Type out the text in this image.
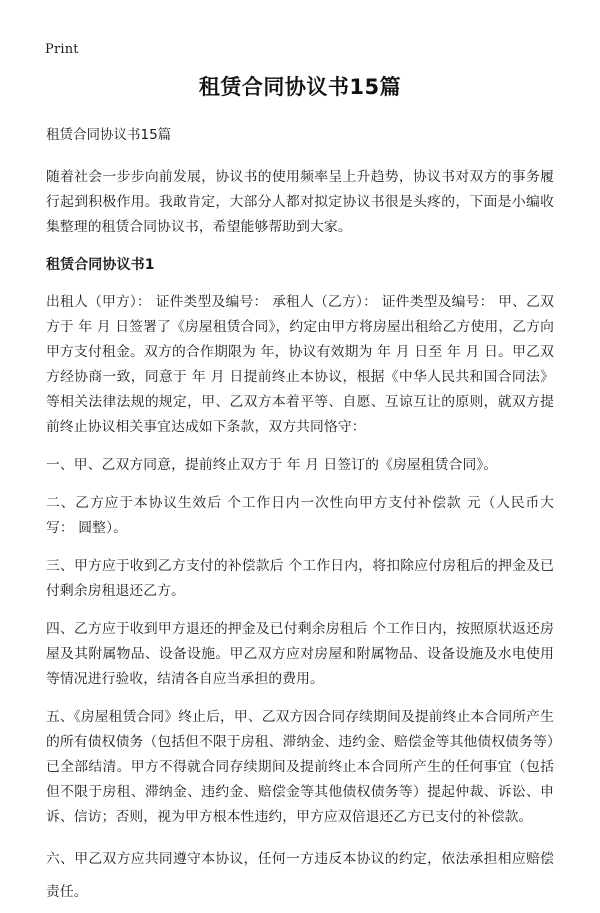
Print
租赁合同协议书15篇

租赁合同协议书15篇

随着社会一步步向前发展，协议书的使用频率呈上升趋势，协议书对双方的事务履行起到积极作用。我敢肯定，大部分人都对拟定协议书很是头疼的，下面是小编收集整理的租赁合同协议书，希望能够帮助到大家。

租赁合同协议书1

出租人（甲方）： 证件类型及编号： 承租人（乙方）： 证件类型及编号： 甲、乙双方于 年 月 日签署了《房屋租赁合同》，约定由甲方将房屋出租给乙方使用，乙方向甲方支付租金。双方的合作期限为 年，协议有效期为 年 月 日至 年 月 日。甲乙双方经协商一致，同意于 年 月 日提前终止本协议，根据《中华人民共和国合同法》等相关法律法规的规定，甲、乙双方本着平等、自愿、互谅互让的原则，就双方提前终止协议相关事宜达成如下条款，双方共同恪守：

一、甲、乙双方同意，提前终止双方于 年 月 日签订的《房屋租赁合同》。

二、乙方应于本协议生效后 个工作日内一次性向甲方支付补偿款 元（人民币大写： 圆整）。

三、甲方应于收到乙方支付的补偿款后 个工作日内，将扣除应付房租后的押金及已付剩余房租退还乙方。

四、乙方应于收到甲方退还的押金及已付剩余房租后 个工作日内，按照原状返还房屋及其附属物品、设备设施。甲乙双方应对房屋和附属物品、设备设施及水电使用等情况进行验收，结清各自应当承担的费用。

五、《房屋租赁合同》终止后，甲、乙双方因合同存续期间及提前终止本合同所产生的所有债权债务（包括但不限于房租、滞纳金、违约金、赔偿金等其他债权债务等）已全部结清。甲方不得就合同存续期间及提前终止本合同所产生的任何事宜（包括但不限于房租、滞纳金、违约金、赔偿金等其他债权债务等）提起仲裁、诉讼、申诉、信访；否则，视为甲方根本性违约，甲方应双倍退还乙方已支付的补偿款。

六、甲乙双方应共同遵守本协议，任何一方违反本协议的约定，依法承担相应赔偿责任。
